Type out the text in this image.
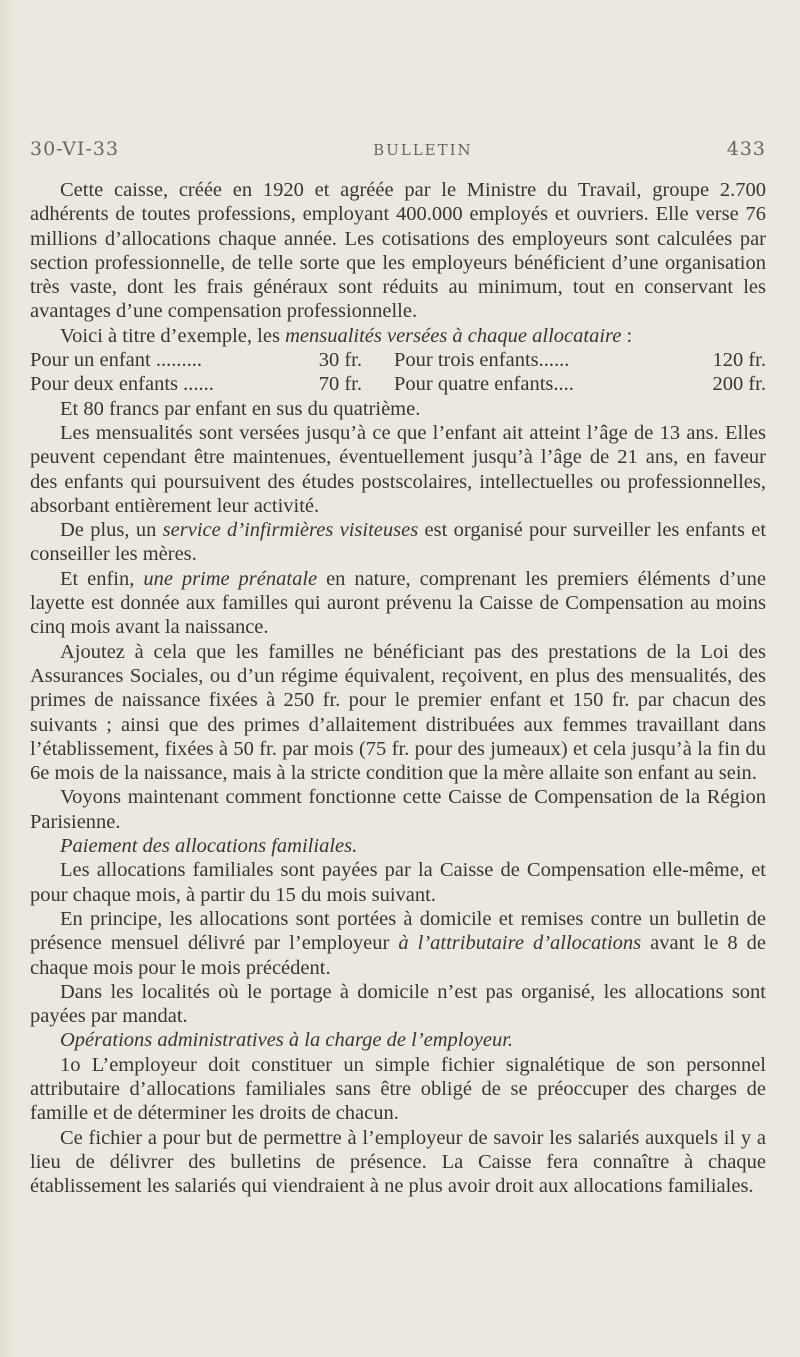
30-VI-33	BULLETIN	433

Cette caisse, créée en 1920 et agréée par le Ministre du Travail, groupe 2.700 adhérents de toutes professions, employant 400.000 employés et ouvriers. Elle verse 76 millions d’allocations chaque année. Les cotisations des employeurs sont calculées par section professionnelle, de telle sorte que les employeurs bénéficient d’une organisation très vaste, dont les frais généraux sont réduits au minimum, tout en conservant les avantages d’une compensation professionnelle.

Voici à titre d’exemple, les mensualités versées à chaque allocataire :

Pour un enfant .........	30 fr. Pour trois enfants......	120 fr.
Pour deux enfants ......	70 fr. Pour quatre enfants....	200 fr.

Et 80 francs par enfant en sus du quatrième.

Les mensualités sont versées jusqu’à ce que l’enfant ait atteint l’âge de 13 ans. Elles peuvent cependant être maintenues, éventuellement jusqu’à l’âge de 21 ans, en faveur des enfants qui poursuivent des études postscolaires, intellectuelles ou professionnelles, absorbant entièrement leur activité.

De plus, un service d’infirmières visiteuses est organisé pour surveiller les enfants et conseiller les mères.

Et enfin, une prime prénatale en nature, comprenant les premiers éléments d’une layette est donnée aux familles qui auront prévenu la Caisse de Compensation au moins cinq mois avant la naissance.

Ajoutez à cela que les familles ne bénéficiant pas des prestations de la Loi des Assurances Sociales, ou d’un régime équivalent, reçoivent, en plus des mensualités, des primes de naissance fixées à 250 fr. pour le premier enfant et 150 fr. par chacun des suivants ; ainsi que des primes d’allaitement distribuées aux femmes travaillant dans l’établissement, fixées à 50 fr. par mois (75 fr. pour des jumeaux) et cela jusqu’à la fin du 6e mois de la naissance, mais à la stricte condition que la mère allaite son enfant au sein.

Voyons maintenant comment fonctionne cette Caisse de Compensation de la Région Parisienne.

Paiement des allocations familiales.

Les allocations familiales sont payées par la Caisse de Compensation elle-même, et pour chaque mois, à partir du 15 du mois suivant.

En principe, les allocations sont portées à domicile et remises contre un bulletin de présence mensuel délivré par l’employeur à l’attributaire d’allocations avant le 8 de chaque mois pour le mois précédent.

Dans les localités où le portage à domicile n’est pas organisé, les allocations sont payées par mandat.

Opérations administratives à la charge de l’employeur.

1o L’employeur doit constituer un simple fichier signalétique de son personnel attributaire d’allocations familiales sans être obligé de se préoccuper des charges de famille et de déterminer les droits de chacun.

Ce fichier a pour but de permettre à l’employeur de savoir les salariés auxquels il y a lieu de délivrer des bulletins de présence. La Caisse fera connaître à chaque établissement les salariés qui viendraient à ne plus avoir droit aux allocations familiales.
